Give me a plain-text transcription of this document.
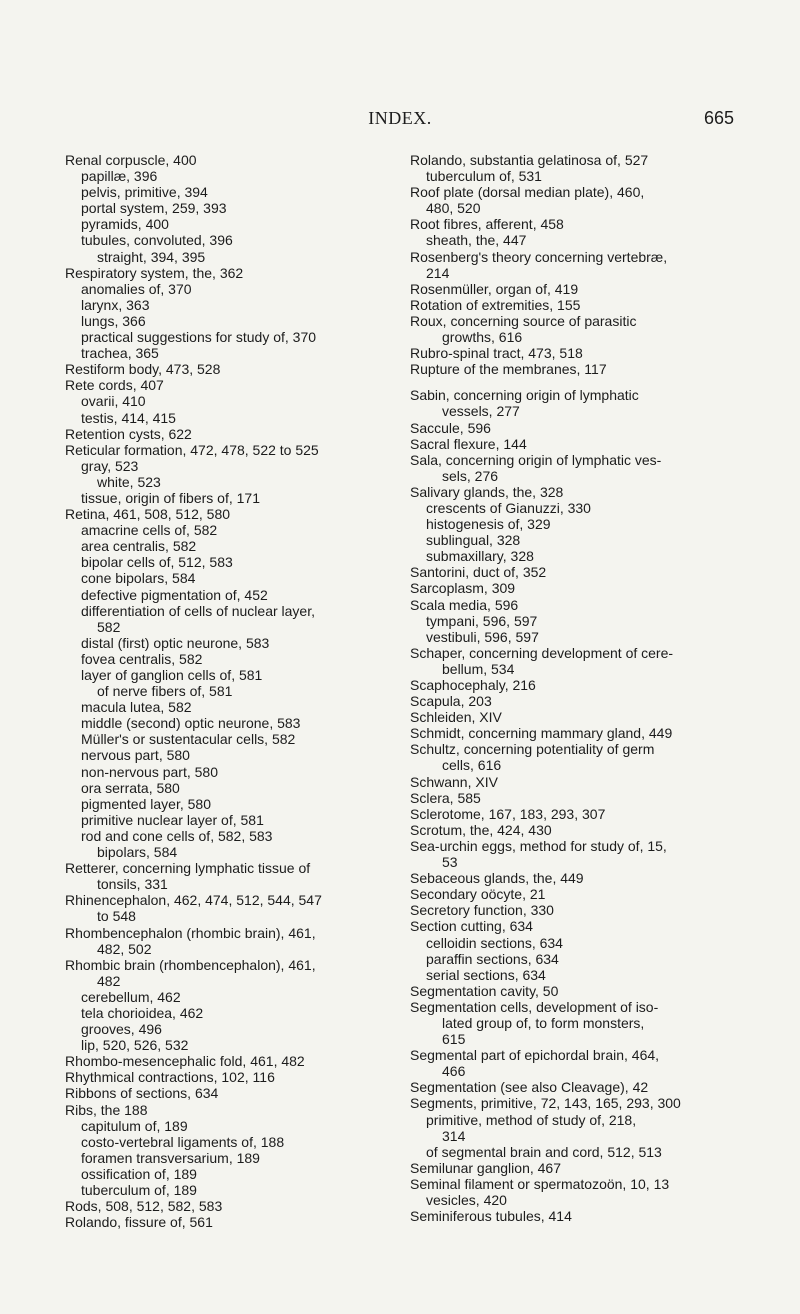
INDEX.	665
Renal corpuscle, 400
papillæ, 396
pelvis, primitive, 394
portal system, 259, 393
pyramids, 400
tubules, convoluted, 396
straight, 394, 395
Respiratory system, the, 362
anomalies of, 370
larynx, 363
lungs, 366
practical suggestions for study of, 370
trachea, 365
Restiform body, 473, 528
Rete cords, 407
ovarii, 410
testis, 414, 415
Retention cysts, 622
Reticular formation, 472, 478, 522 to 525
gray, 523
white, 523
tissue, origin of fibers of, 171
Retina, 461, 508, 512, 580
amacrine cells of, 582
area centralis, 582
bipolar cells of, 512, 583
cone bipolars, 584
defective pigmentation of, 452
differentiation of cells of nuclear layer,
582
distal (first) optic neurone, 583
fovea centralis, 582
layer of ganglion cells of, 581
of nerve fibers of, 581
macula lutea, 582
middle (second) optic neurone, 583
Müller's or sustentacular cells, 582
nervous part, 580
non-nervous part, 580
ora serrata, 580
pigmented layer, 580
primitive nuclear layer of, 581
rod and cone cells of, 582, 583
bipolars, 584
Retterer, concerning lymphatic tissue of
tonsils, 331
Rhinencephalon, 462, 474, 512, 544, 547
to 548
Rhombencephalon (rhombic brain), 461,
482, 502
Rhombic brain (rhombencephalon), 461,
482
cerebellum, 462
tela chorioidea, 462
grooves, 496
lip, 520, 526, 532
Rhombo-mesencephalic fold, 461, 482
Rhythmical contractions, 102, 116
Ribbons of sections, 634
Ribs, the 188
capitulum of, 189
costo-vertebral ligaments of, 188
foramen transversarium, 189
ossification of, 189
tuberculum of, 189
Rods, 508, 512, 582, 583
Rolando, fissure of, 561
Rolando, substantia gelatinosa of, 527
tuberculum of, 531
Roof plate (dorsal median plate), 460,
480, 520
Root fibres, afferent, 458
sheath, the, 447
Rosenberg's theory concerning vertebræ,
214
Rosenmüller, organ of, 419
Rotation of extremities, 155
Roux, concerning source of parasitic
growths, 616
Rubro-spinal tract, 473, 518
Rupture of the membranes, 117
Sabin, concerning origin of lymphatic
vessels, 277
Saccule, 596
Sacral flexure, 144
Sala, concerning origin of lymphatic ves-
sels, 276
Salivary glands, the, 328
crescents of Gianuzzi, 330
histogenesis of, 329
sublingual, 328
submaxillary, 328
Santorini, duct of, 352
Sarcoplasm, 309
Scala media, 596
tympani, 596, 597
vestibuli, 596, 597
Schaper, concerning development of cere-
bellum, 534
Scaphocephaly, 216
Scapula, 203
Schleiden, XIV
Schmidt, concerning mammary gland, 449
Schultz, concerning potentiality of germ
cells, 616
Schwann, XIV
Sclera, 585
Sclerotome, 167, 183, 293, 307
Scrotum, the, 424, 430
Sea-urchin eggs, method for study of, 15,
53
Sebaceous glands, the, 449
Secondary oöcyte, 21
Secretory function, 330
Section cutting, 634
celloidin sections, 634
paraffin sections, 634
serial sections, 634
Segmentation cavity, 50
Segmentation cells, development of iso-
lated group of, to form monsters,
615
Segmental part of epichordal brain, 464,
466
Segmentation (see also Cleavage), 42
Segments, primitive, 72, 143, 165, 293, 300
primitive, method of study of, 218,
314
of segmental brain and cord, 512, 513
Semilunar ganglion, 467
Seminal filament or spermatozoön, 10, 13
vesicles, 420
Seminiferous tubules, 414
